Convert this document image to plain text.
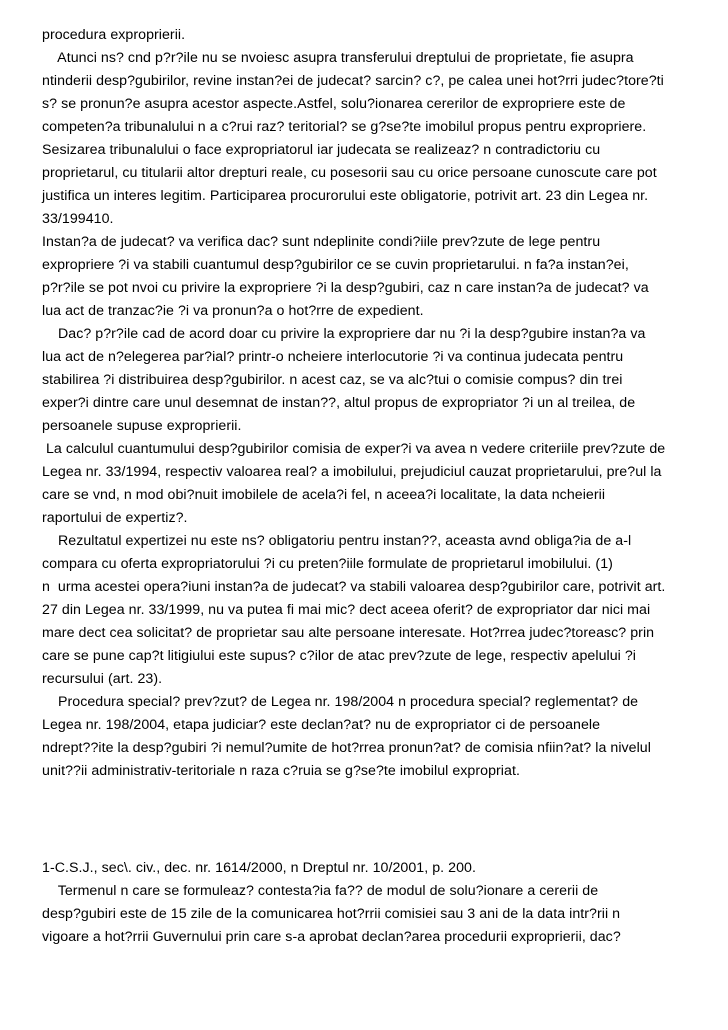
procedura exproprierii.
Atunci ns? cnd p?r?ile nu se nvoiesc asupra transferului dreptului de proprietate, fie asupra
ntinderii desp?gubirilor, revine instan?ei de judecat? sarcin? c?, pe calea unei hot?rri judec?tore?ti
s? se pronun?e asupra acestor aspecte.Astfel, solu?ionarea cererilor de expropriere este de
competen?a tribunalului n a c?rui raz? teritorial? se g?se?te imobilul propus pentru expropriere.
Sesizarea tribunalului o face expropriatorul iar judecata se realizeaz? n contradictoriu cu
proprietarul, cu titularii altor drepturi reale, cu posesorii sau cu orice persoane cunoscute care pot
justifica un interes legitim. Participarea procurorului este obligatorie, potrivit art. 23 din Legea nr.
33/199410.
Instan?a de judecat? va verifica dac? sunt ndeplinite condi?iile prev?zute de lege pentru
expropriere ?i va stabili cuantumul desp?gubirilor ce se cuvin proprietarului. n fa?a instan?ei,
p?r?ile se pot nvoi cu privire la expropriere ?i la desp?gubiri, caz n care instan?a de judecat? va
lua act de tranzac?ie ?i va pronun?a o hot?rre de expedient.
Dac? p?r?ile cad de acord doar cu privire la expropriere dar nu ?i la desp?gubire instan?a va
lua act de n?elegerea par?ial? printr-o ncheiere interlocutorie ?i va continua judecata pentru
stabilirea ?i distribuirea desp?gubirilor. n acest caz, se va alc?tui o comisie compus? din trei
exper?i dintre care unul desemnat de instan??, altul propus de expropriator ?i un al treilea, de
persoanele supuse exproprierii.
La calculul cuantumului desp?gubirilor comisia de exper?i va avea n vedere criteriile prev?zute de
Legea nr. 33/1994, respectiv valoarea real? a imobilului, prejudiciul cauzat proprietarului, pre?ul la
care se vnd, n mod obi?nuit imobilele de acela?i fel, n aceea?i localitate, la data ncheierii
raportului de expertiz?.
Rezultatul expertizei nu este ns? obligatoriu pentru instan??, aceasta avnd obliga?ia de a-l
compara cu oferta expropriatorului ?i cu preten?iile formulate de proprietarul imobilului. (1)
n  urma acestei opera?iuni instan?a de judecat? va stabili valoarea desp?gubirilor care, potrivit art.
27 din Legea nr. 33/1999, nu va putea fi mai mic? dect aceea oferit? de expropriator dar nici mai
mare dect cea solicitat? de proprietar sau alte persoane interesate. Hot?rrea judec?toreasc? prin
care se pune cap?t litigiului este supus? c?ilor de atac prev?zute de lege, respectiv apelului ?i
recursului (art. 23).
Procedura special? prev?zut? de Legea nr. 198/2004 n procedura special? reglementat? de
Legea nr. 198/2004, etapa judiciar? este declan?at? nu de expropriator ci de persoanele
ndrept??ite la desp?gubiri ?i nemul?umite de hot?rrea pronun?at? de comisia nfiin?at? la nivelul
unit??ii administrativ-teritoriale n raza c?ruia se g?se?te imobilul expropriat.
1-C.S.J., sec\. civ., dec. nr. 1614/2000, n Dreptul nr. 10/2001, p. 200.
Termenul n care se formuleaz? contesta?ia fa?? de modul de solu?ionare a cererii de
desp?gubiri este de 15 zile de la comunicarea hot?rrii comisiei sau 3 ani de la data intr?rii n
vigoare a hot?rrii Guvernului prin care s-a aprobat declan?area procedurii exproprierii, dac?
